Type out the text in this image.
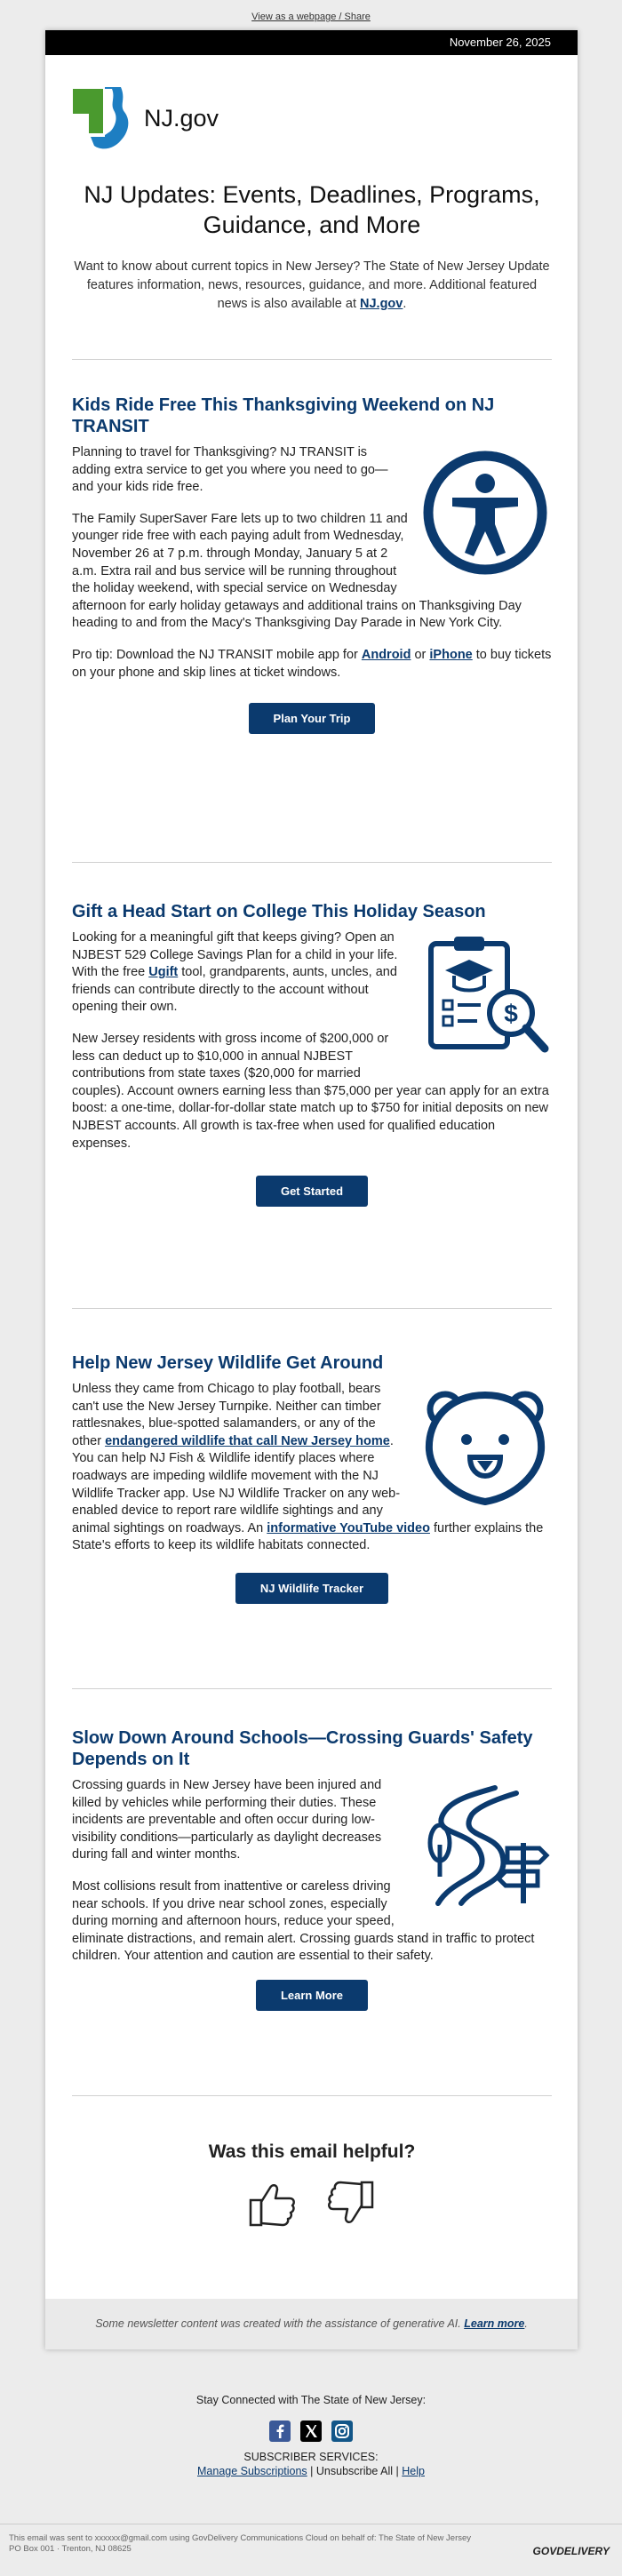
View as a webpage / Share
November 26, 2025
NJ.gov
NJ Updates: Events, Deadlines, Programs, Guidance, and More
Want to know about current topics in New Jersey? The State of New Jersey Update features information, news, resources, guidance, and more. Additional featured news is also available at NJ.gov.
Kids Ride Free This Thanksgiving Weekend on NJ TRANSIT

Planning to travel for Thanksgiving? NJ TRANSIT is adding extra service to get you where you need to go—and your kids ride free.

The Family SuperSaver Fare lets up to two children 11 and younger ride free with each paying adult from Wednesday, November 26 at 7 p.m. through Monday, January 5 at 2 a.m. Extra rail and bus service will be running throughout the holiday weekend, with special service on Wednesday afternoon for early holiday getaways and additional trains on Thanksgiving Day heading to and from the Macy's Thanksgiving Day Parade in New York City.

Pro tip: Download the NJ TRANSIT mobile app for Android or iPhone to buy tickets on your phone and skip lines at ticket windows.

Plan Your Trip
Gift a Head Start on College This Holiday Season
$

Looking for a meaningful gift that keeps giving? Open an NJBEST 529 College Savings Plan for a child in your life. With the free Ugift tool, grandparents, aunts, uncles, and friends can contribute directly to the account without opening their own.

New Jersey residents with gross income of $200,000 or less can deduct up to $10,000 in annual NJBEST contributions from state taxes ($20,000 for married couples). Account owners earning less than $75,000 per year can apply for an extra boost: a one-time, dollar-for-dollar state match up to $750 for initial deposits on new NJBEST accounts. All growth is tax-free when used for qualified education expenses.

Get Started
Help New Jersey Wildlife Get Around

Unless they came from Chicago to play football, bears can't use the New Jersey Turnpike. Neither can timber rattlesnakes, blue-spotted salamanders, or any of the other endangered wildlife that call New Jersey home. You can help NJ Fish & Wildlife identify places where roadways are impeding wildlife movement with the NJ Wildlife Tracker app. Use NJ Wildlife Tracker on any web-enabled device to report rare wildlife sightings and any animal sightings on roadways. An informative YouTube video further explains the State's efforts to keep its wildlife habitats connected.

NJ Wildlife Tracker
Slow Down Around Schools—Crossing Guards' Safety Depends on It

Crossing guards in New Jersey have been injured and killed by vehicles while performing their duties. These incidents are preventable and often occur during low-visibility conditions—particularly as daylight decreases during fall and winter months.

Most collisions result from inattentive or careless driving near schools. If you drive near school zones, especially during morning and afternoon hours, reduce your speed, eliminate distractions, and remain alert. Crossing guards stand in traffic to protect children. Your attention and caution are essential to their safety.

Learn More
Was this email helpful?

Some newsletter content was created with the assistance of generative AI. Learn more.
Stay Connected with The State of New Jersey:

SUBSCRIBER SERVICES:
Manage Subscriptions | Unsubscribe All | Help
This email was sent to xxxxxx@gmail.com using GovDelivery Communications Cloud on behalf of: The State of New Jersey
PO Box 001 · Trenton, NJ 08625	GOVDELIVERY
